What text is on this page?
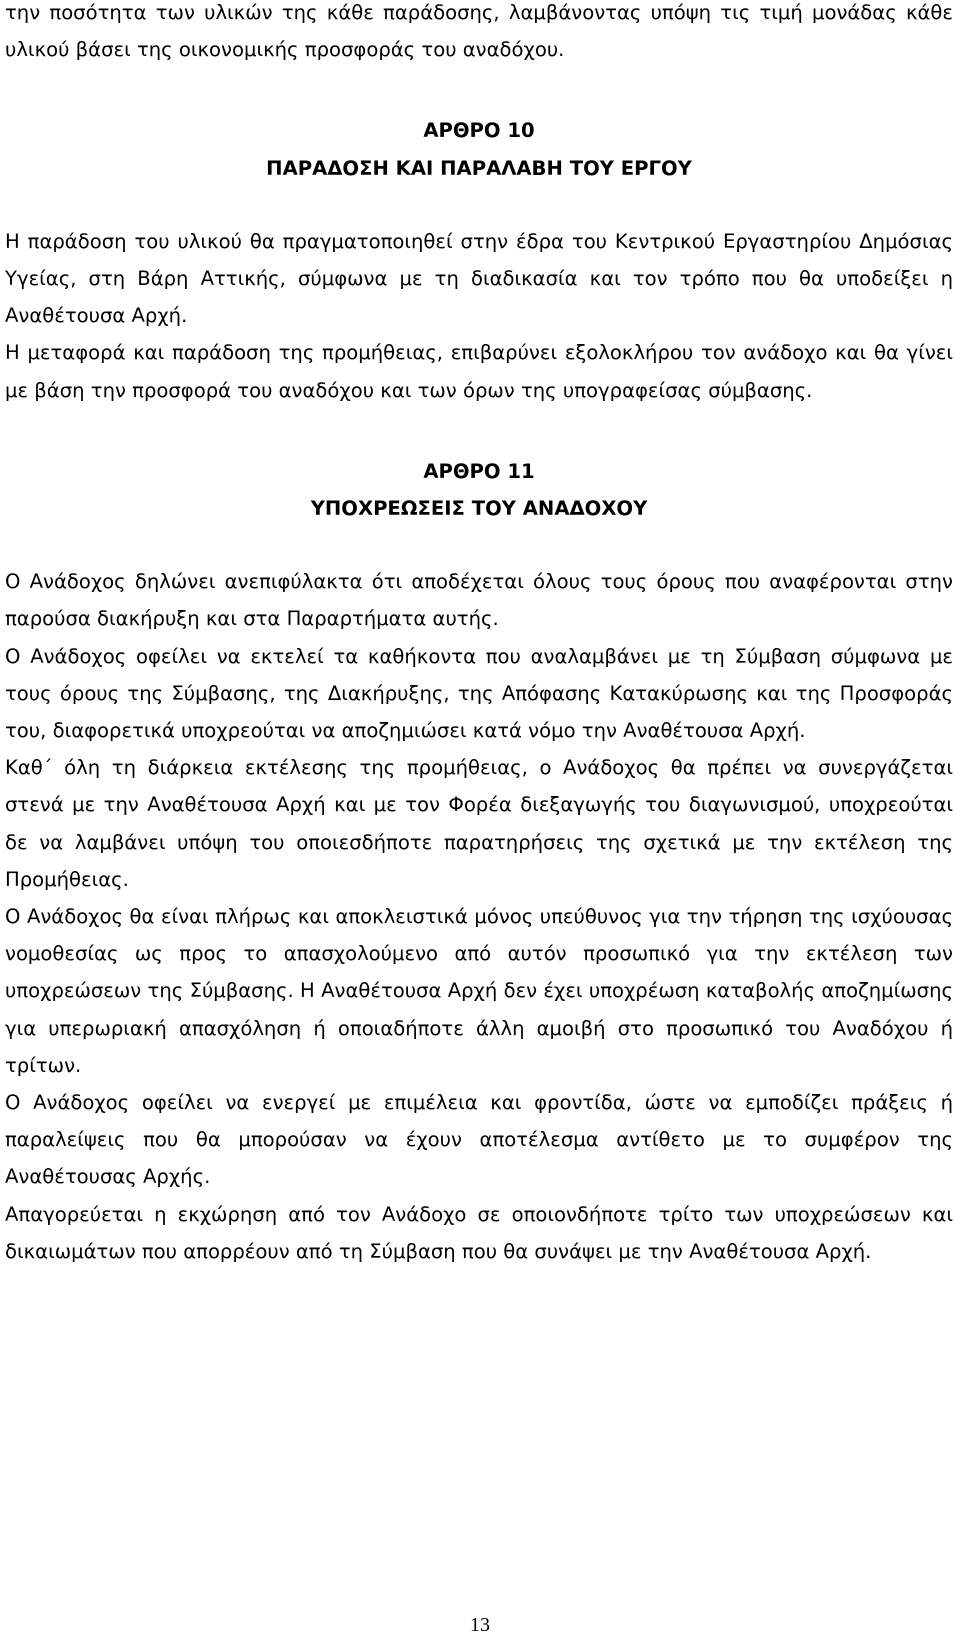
την ποσότητα των υλικών της κάθε παράδοσης, λαμβάνοντας υπόψη τις τιμή μονάδας κάθε υλικού βάσει της οικονομικής προσφοράς του αναδόχου.

ΑΡΘΡΟ 10
ΠΑΡΑΔΟΣΗ ΚΑΙ ΠΑΡΑΛΑΒΗ ΤΟΥ ΕΡΓΟΥ

Η παράδοση του υλικού θα πραγματοποιηθεί στην έδρα του Κεντρικού Εργαστηρίου Δημόσιας Υγείας, στη Βάρη Αττικής, σύμφωνα με τη διαδικασία και τον τρόπο που θα υποδείξει η Αναθέτουσα Αρχή.

Η μεταφορά και παράδοση της προμήθειας, επιβαρύνει εξολοκλήρου τον ανάδοχο και θα γίνει με βάση την προσφορά του αναδόχου και των όρων της υπογραφείσας σύμβασης.

ΑΡΘΡΟ 11
ΥΠΟΧΡΕΩΣΕΙΣ ΤΟΥ ΑΝΑΔΟΧΟΥ

Ο Ανάδοχος δηλώνει ανεπιφύλακτα ότι αποδέχεται όλους τους όρους που αναφέρονται στην παρούσα διακήρυξη και στα Παραρτήματα αυτής.

Ο Ανάδοχος οφείλει να εκτελεί τα καθήκοντα που αναλαμβάνει με τη Σύμβαση σύμφωνα με τους όρους της Σύμβασης, της Διακήρυξης, της Απόφασης Κατακύρωσης και της Προσφοράς του, διαφορετικά υποχρεούται να αποζημιώσει κατά νόμο την Αναθέτουσα Αρχή.

Καθ΄ όλη τη διάρκεια εκτέλεσης της προμήθειας, ο Ανάδοχος θα πρέπει να συνεργάζεται στενά με την Αναθέτουσα Αρχή και με τον Φορέα διεξαγωγής του διαγωνισμού, υποχρεούται δε να λαμβάνει υπόψη του οποιεσδήποτε παρατηρήσεις της σχετικά με την εκτέλεση της Προμήθειας.

Ο Ανάδοχος θα είναι πλήρως και αποκλειστικά μόνος υπεύθυνος για την τήρηση της ισχύουσας νομοθεσίας ως προς το απασχολούμενο από αυτόν προσωπικό για την εκτέλεση των υποχρεώσεων της Σύμβασης. Η Αναθέτουσα Αρχή δεν έχει υποχρέωση καταβολής αποζημίωσης για υπερωριακή απασχόληση ή οποιαδήποτε άλλη αμοιβή στο προσωπικό του Αναδόχου ή τρίτων.

Ο Ανάδοχος οφείλει να ενεργεί με επιμέλεια και φροντίδα, ώστε να εμποδίζει πράξεις ή παραλείψεις που θα μπορούσαν να έχουν αποτέλεσμα αντίθετο με το συμφέρον της Αναθέτουσας Αρχής.

Απαγορεύεται η εκχώρηση από τον Ανάδοχο σε οποιονδήποτε τρίτο των υποχρεώσεων και δικαιωμάτων που απορρέουν από τη Σύμβαση που θα συνάψει με την Αναθέτουσα Αρχή.

13
